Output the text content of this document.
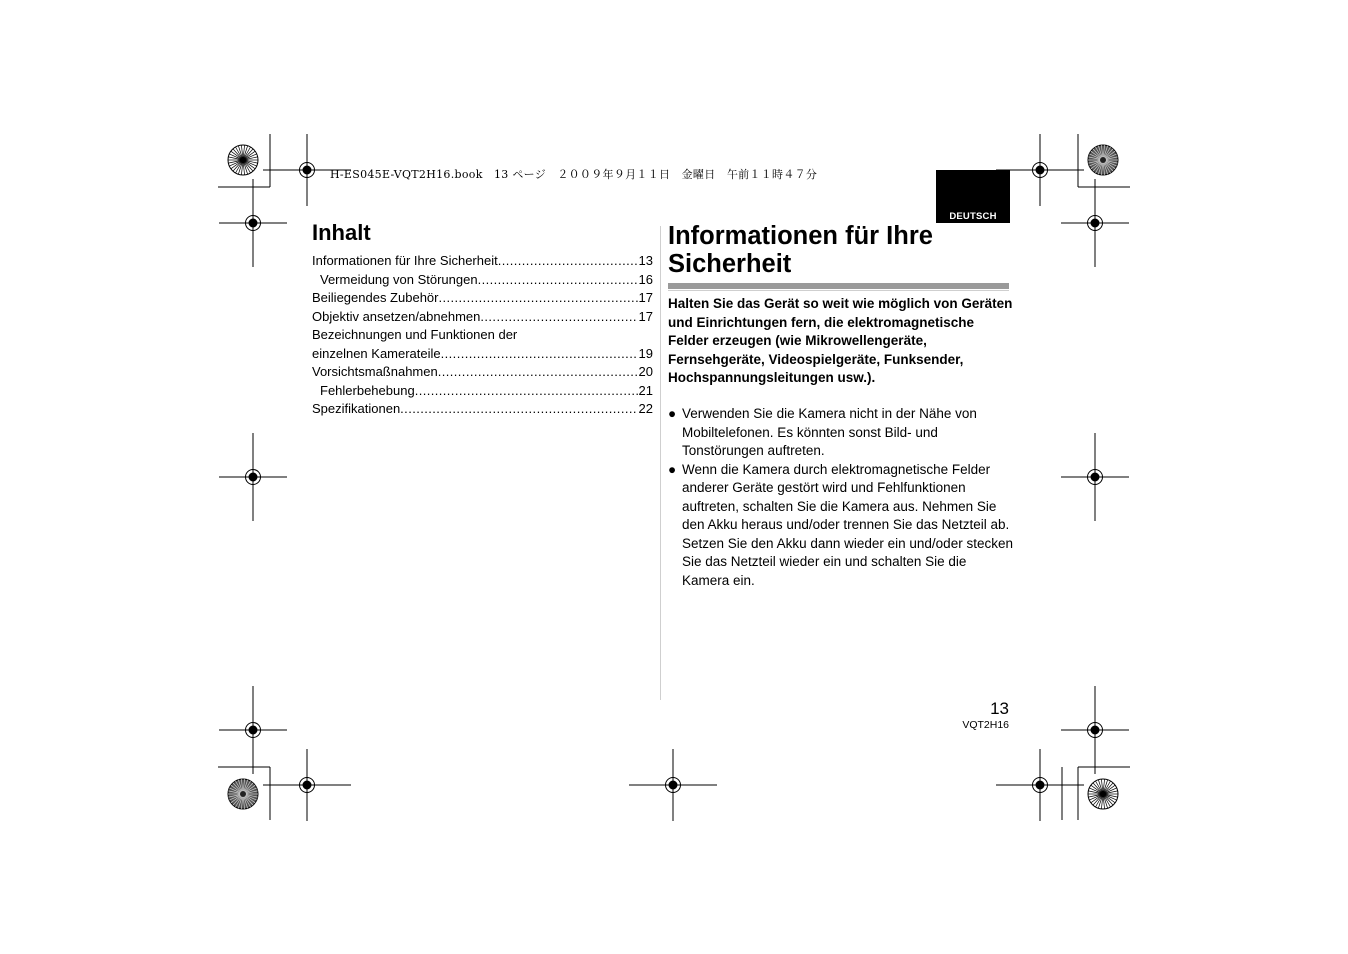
H-ES045E-VQT2H16.book　13 ページ　２００９年９月１１日　金曜日　午前１１時４７分
DEUTSCH
Inhalt
Informationen für Ihre Sicherheit .....	13
Vermeidung von Störungen .....	16
Beiliegendes Zubehör .....	17
Objektiv ansetzen/abnehmen .....	17
Bezeichnungen und Funktionen der
einzelnen Kamerateile .....	19
Vorsichtsmaßnahmen .....	20
Fehlerbehebung .....	21
Spezifikationen .....	22
Informationen für Ihre Sicherheit

Halten Sie das Gerät so weit wie möglich von Geräten und Einrichtungen fern, die elektromagnetische Felder erzeugen (wie Mikrowellengeräte, Fernsehgeräte, Videospielgeräte, Funksender, Hochspannungsleitungen usw.).

● Verwenden Sie die Kamera nicht in der Nähe von Mobiltelefonen. Es könnten sonst Bild- und Tonstörungen auftreten.
● Wenn die Kamera durch elektromagnetische Felder anderer Geräte gestört wird und Fehlfunktionen auftreten, schalten Sie die Kamera aus. Nehmen Sie den Akku heraus und/oder trennen Sie das Netzteil ab. Setzen Sie den Akku dann wieder ein und/oder stecken Sie das Netzteil wieder ein und schalten Sie die Kamera ein.
13
VQT2H16
